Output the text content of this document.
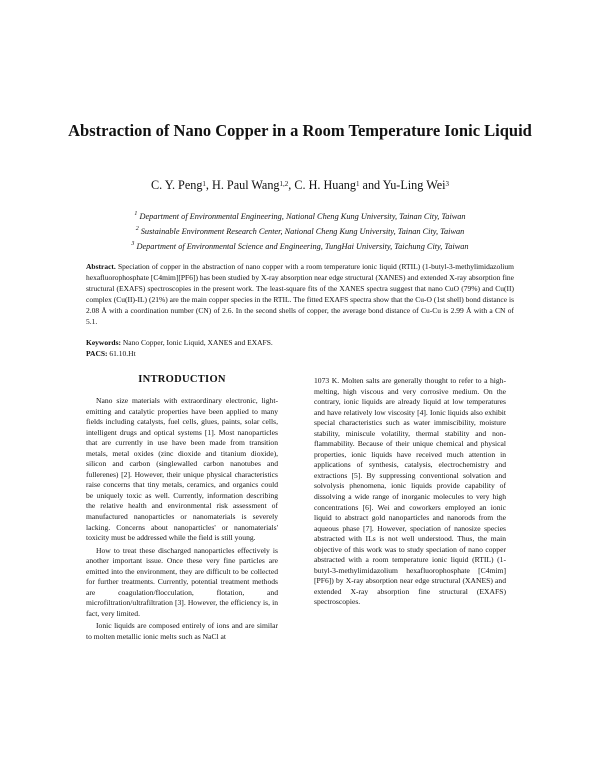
Abstraction of Nano Copper in a Room Temperature Ionic Liquid
C. Y. Peng$^1$, H. Paul Wang$^{1,2}$, C. H. Huang$^1$ and Yu-Ling Wei$^3$
$^1$ Department of Environmental Engineering, National Cheng Kung University, Tainan City, Taiwan
$^2$ Sustainable Environment Research Center, National Cheng Kung University, Tainan City, Taiwan
$^3$ Department of Environmental Science and Engineering, TungHai University, Taichung City, Taiwan
Abstract. Speciation of copper in the abstraction of nano copper with a room temperature ionic liquid (RTIL) (1-butyl-3-methylimidazolium hexafluorophosphate [C4mim][PF6]) has been studied by X-ray absorption near edge structural (XANES) and extended X-ray absorption fine structural (EXAFS) spectroscopies in the present work. The least-square fits of the XANES spectra suggest that nano CuO (79%) and Cu(II) complex (Cu(II)-IL) (21%) are the main copper species in the RTIL. The fitted EXAFS spectra show that the Cu-O (1st shell) bond distance is 2.08 Å with a coordination number (CN) of 2.6. In the second shells of copper, the average bond distance of Cu-Cu is 2.99 Å with a CN of 5.1.
Keywords: Nano Copper, Ionic Liquid, XANES and EXAFS.
PACS: 61.10.Ht
INTRODUCTION

Nano size materials with extraordinary electronic, light-emitting and catalytic properties have been applied to many fields including catalysts, fuel cells, glues, paints, solar cells, intelligent drugs and optical systems [1]. Most nanoparticles that are currently in use have been made from transition metals, metal oxides (zinc dioxide and titanium dioxide), silicon and carbon (singlewalled carbon nanotubes and fullerenes) [2]. However, their unique physical characteristics raise concerns that tiny metals, ceramics, and organics could be uniquely toxic as well. Currently, information describing the relative health and environmental risk assessment of manufactured nanoparticles or nanomaterials is severely lacking. Concerns about nanoparticles' or nanomaterials' toxicity must be addressed while the field is still young.

How to treat these discharged nanoparticles effectively is another important issue. Once these very fine particles are emitted into the environment, they are difficult to be collected for further treatments. Currently, potential treatment methods are coagulation/flocculation, flotation, and microfiltration/ultrafiltration [3]. However, the efficiency is, in fact, very limited.

Ionic liquids are composed entirely of ions and are similar to molten metallic ionic melts such as NaCl at

1073 K. Molten salts are generally thought to refer to a high-melting, high viscous and very corrosive medium. On the contrary, ionic liquids are already liquid at low temperatures and have relatively low viscosity [4]. Ionic liquids also exhibit special characteristics such as water immiscibility, moisture stability, miniscule volatility, thermal stability and non-flammability. Because of their unique chemical and physical properties, ionic liquids have received much attention in applications of synthesis, catalysis, electrochemistry and extractions [5]. By suppressing conventional solvation and solvolysis phenomena, ionic liquids provide capability of dissolving a wide range of inorganic molecules to very high concentrations [6]. Wei and coworkers employed an ionic liquid to abstract gold nanoparticles and nanorods from the aqueous phase [7]. However, speciation of nanosize species abstracted with ILs is not well understood. Thus, the main objective of this work was to study speciation of nano copper abstracted with a room temperature ionic liquid (RTIL) (1-butyl-3-methylimidazolium hexafluorophosphate [C4mim][PF6]) by X-ray absorption near edge structural (XANES) and extended X-ray absorption fine structural (EXAFS) spectroscopies.
